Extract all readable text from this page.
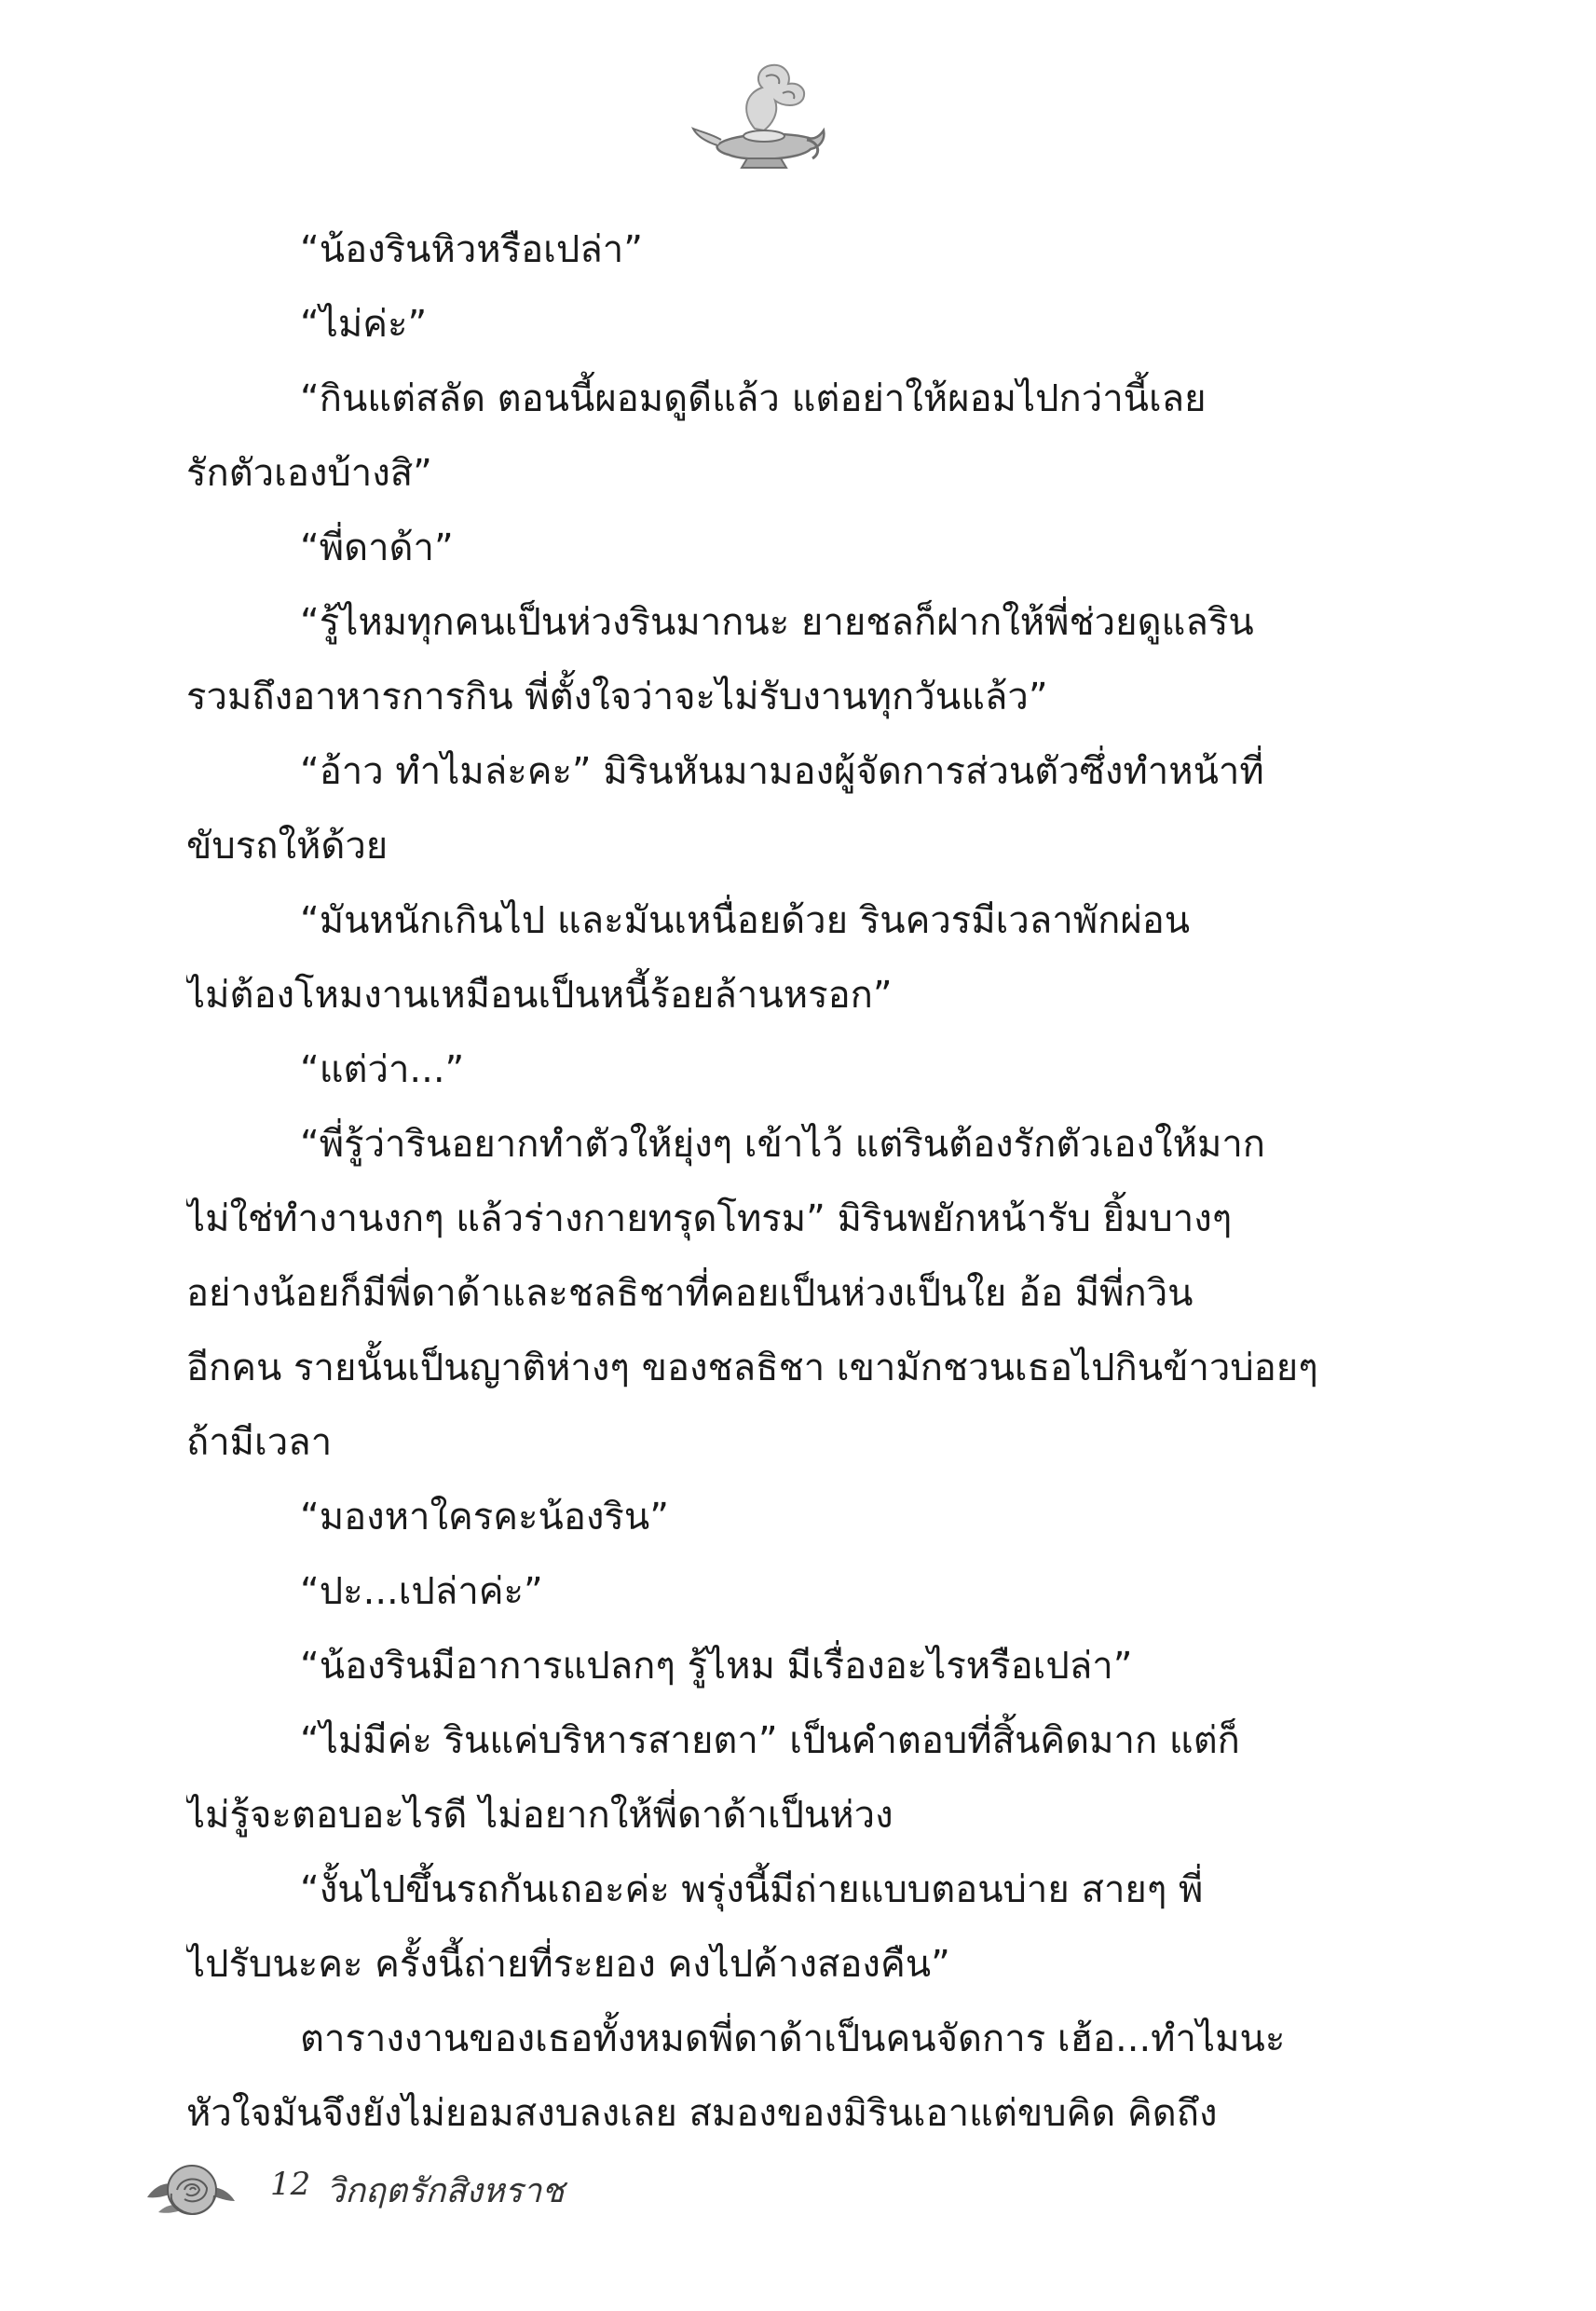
“น้องรินหิวหรือเปล่า”
“ไม่ค่ะ”
“กินแต่สลัด ตอนนี้ผอมดูดีแล้ว แต่อย่าให้ผอมไปกว่านี้เลย
รักตัวเองบ้างสิ”
“พี่ดาด้า”
“รู้ไหมทุกคนเป็นห่วงรินมากนะ ยายชลก็ฝากให้พี่ช่วยดูแลริน
รวมถึงอาหารการกิน พี่ตั้งใจว่าจะไม่รับงานทุกวันแล้ว”
“อ้าว ทำไมล่ะคะ” มิรินหันมามองผู้จัดการส่วนตัวซึ่งทำหน้าที่
ขับรถให้ด้วย
“มันหนักเกินไป และมันเหนื่อยด้วย รินควรมีเวลาพักผ่อน
ไม่ต้องโหมงานเหมือนเป็นหนี้ร้อยล้านหรอก”
“แต่ว่า...”
“พี่รู้ว่ารินอยากทำตัวให้ยุ่งๆ เข้าไว้ แต่รินต้องรักตัวเองให้มาก
ไม่ใช่ทำงานงกๆ แล้วร่างกายทรุดโทรม” มิรินพยักหน้ารับ ยิ้มบางๆ
อย่างน้อยก็มีพี่ดาด้าและชลธิชาที่คอยเป็นห่วงเป็นใย อ้อ มีพี่กวิน
อีกคน รายนั้นเป็นญาติห่างๆ ของชลธิชา เขามักชวนเธอไปกินข้าวบ่อยๆ
ถ้ามีเวลา
“มองหาใครคะน้องริน”
“ปะ...เปล่าค่ะ”
“น้องรินมีอาการแปลกๆ รู้ไหม มีเรื่องอะไรหรือเปล่า”
“ไม่มีค่ะ รินแค่บริหารสายตา” เป็นคำตอบที่สิ้นคิดมาก แต่ก็
ไม่รู้จะตอบอะไรดี ไม่อยากให้พี่ดาด้าเป็นห่วง
“งั้นไปขึ้นรถกันเถอะค่ะ พรุ่งนี้มีถ่ายแบบตอนบ่าย สายๆ พี่
ไปรับนะคะ ครั้งนี้ถ่ายที่ระยอง คงไปค้างสองคืน”
ตารางงานของเธอทั้งหมดพี่ดาด้าเป็นคนจัดการ เฮ้อ...ทำไมนะ
หัวใจมันจึงยังไม่ยอมสงบลงเลย สมองของมิรินเอาแต่ขบคิด คิดถึง
12 วิกฤตรักสิงหราช
